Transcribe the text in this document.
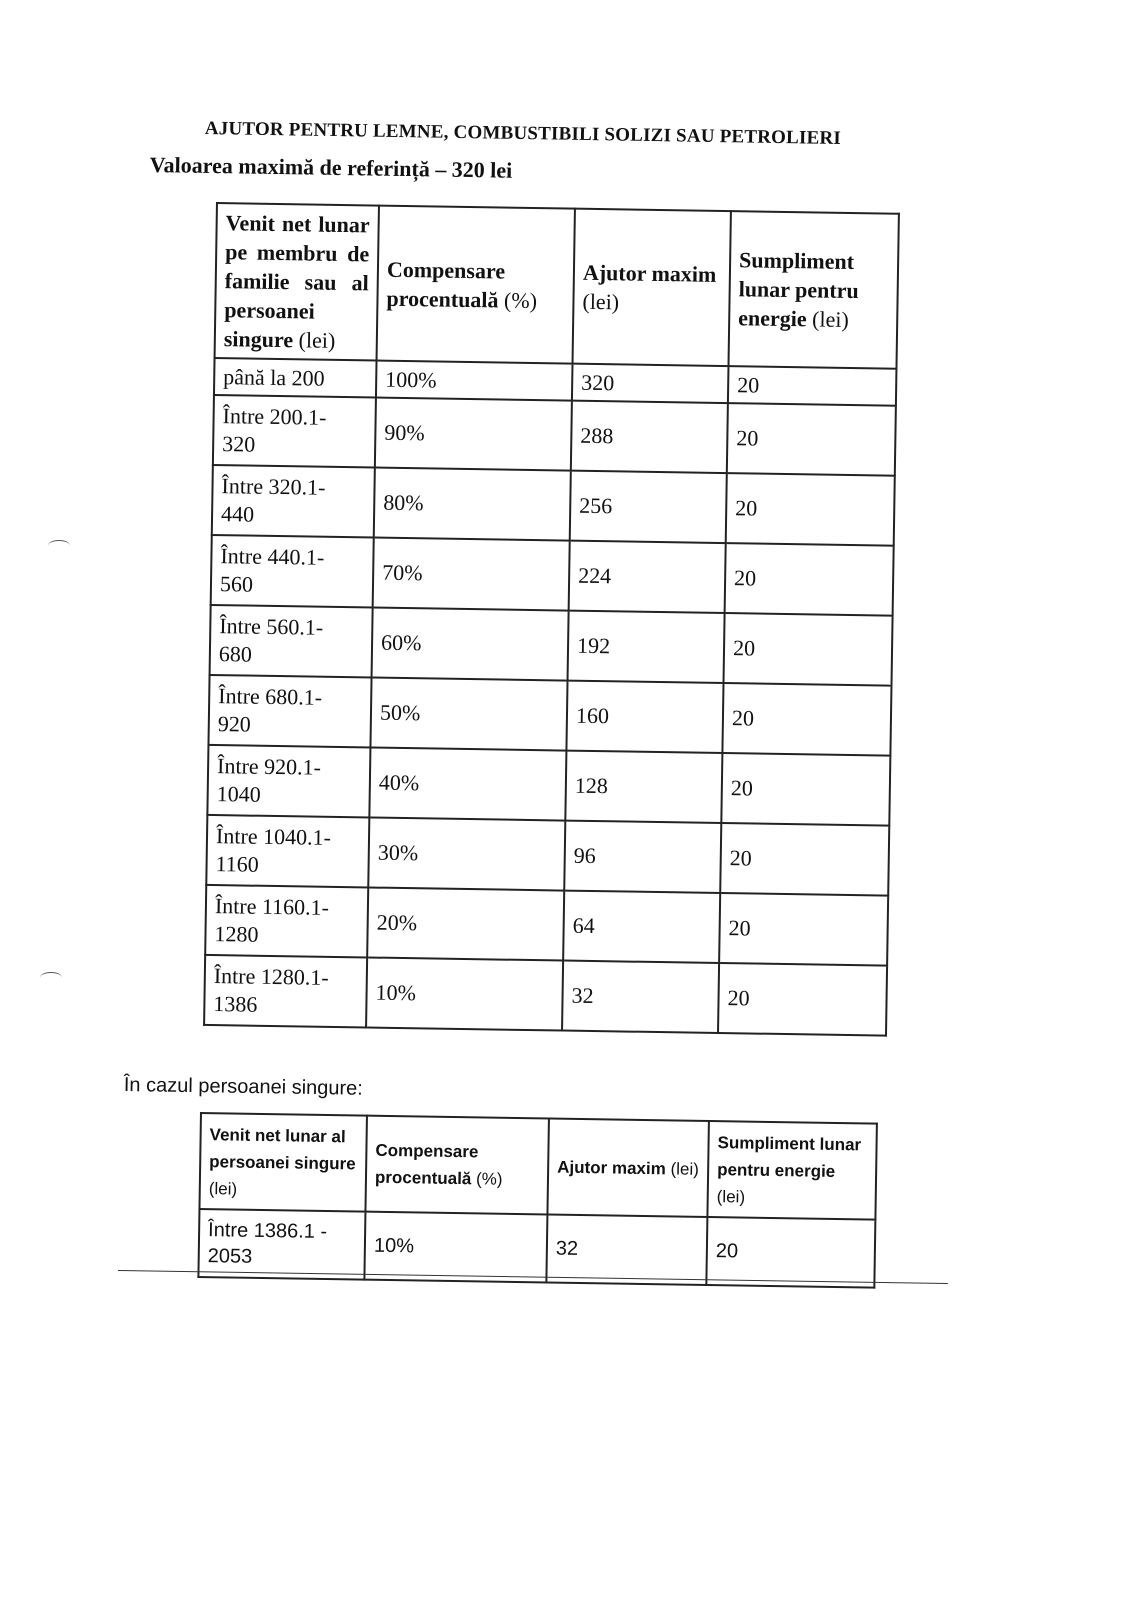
AJUTOR PENTRU LEMNE, COMBUSTIBILI SOLIZI SAU PETROLIERI
Valoarea maximă de referință – 320 lei
Venit net lunar pe membru de familie sau al persoanei singure (lei)	Compensare procentuală (%)	Ajutor maxim (lei)	Sumpliment lunar pentru energie (lei)

până la 200	100%	320	20

Între 200.1-
320	90%	288	20

Între 320.1-
440	80%	256	20

Între 440.1-
560	70%	224	20

Între 560.1-
680	60%	192	20

Între 680.1-
920	50%	160	20

Între 920.1-
1040	40%	128	20

Între 1040.1-
1160	30%	96	20

Între 1160.1-
1280	20%	64	20

Între 1280.1-
1386	10%	32	20
În cazul persoanei singure:
Venit net lunar al persoanei singure (lei)	Compensare procentuală (%)	Ajutor maxim (lei)	Sumpliment lunar pentru energie (lei)
Între 1386.1 - 2053	10%	32	20
